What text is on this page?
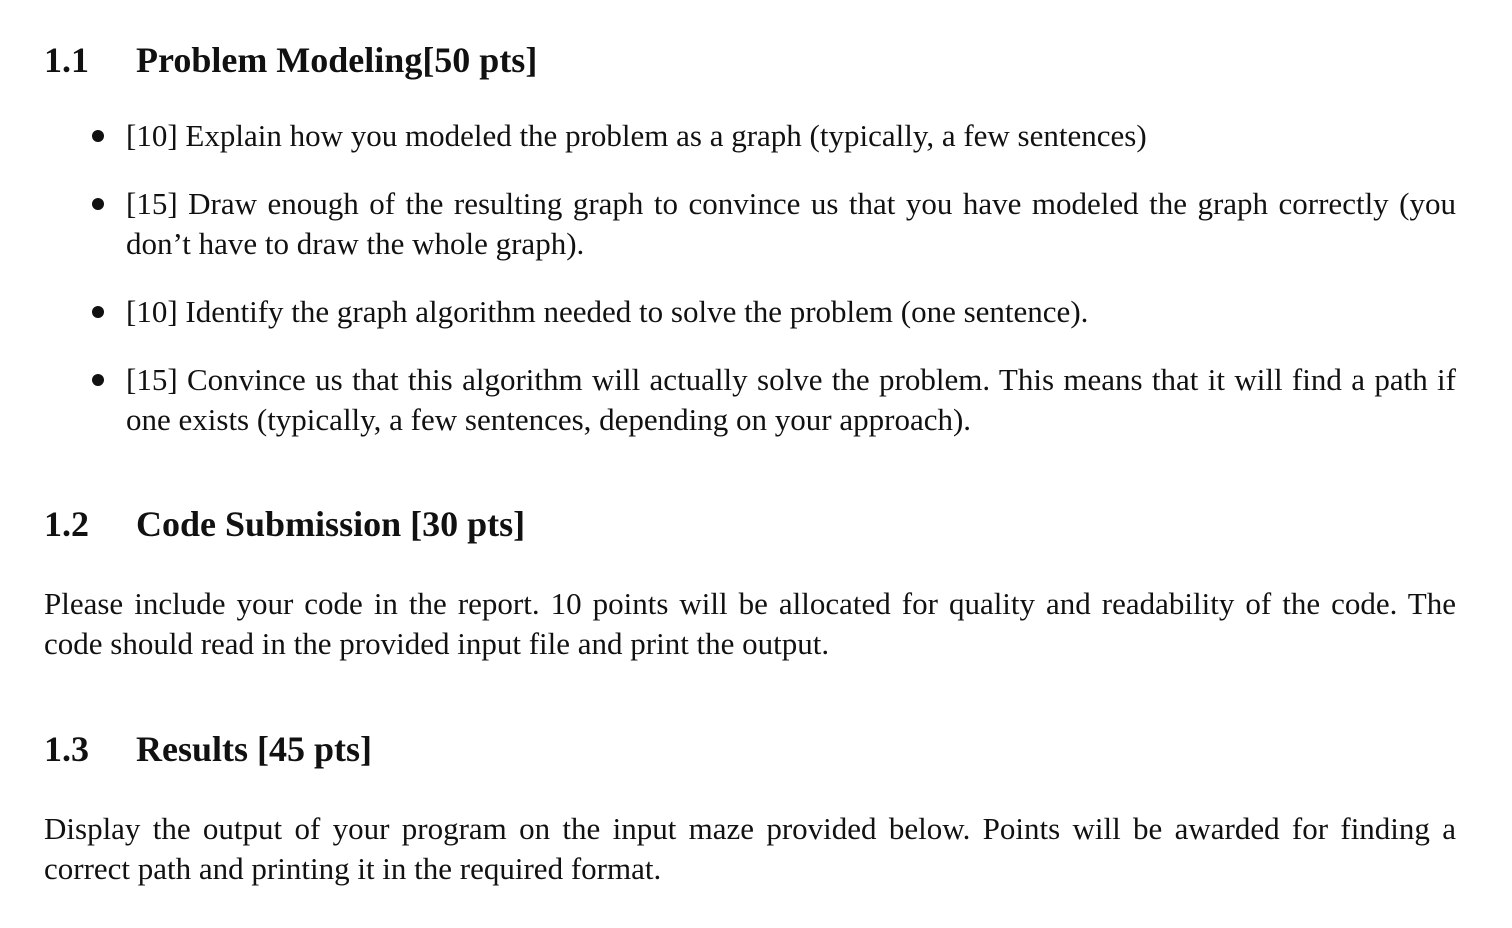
1.1 Problem Modeling[50 pts]
[10] Explain how you modeled the problem as a graph (typically, a few sentences)
[15] Draw enough of the resulting graph to convince us that you have modeled the graph correctly (you don’t have to draw the whole graph).
[10] Identify the graph algorithm needed to solve the problem (one sentence).
[15] Convince us that this algorithm will actually solve the problem. This means that it will find a path if one exists (typically, a few sentences, depending on your approach).
1.2 Code Submission [30 pts]
Please include your code in the report. 10 points will be allocated for quality and readability of the code. The code should read in the provided input file and print the output.
1.3 Results [45 pts]
Display the output of your program on the input maze provided below. Points will be awarded for finding a correct path and printing it in the required format.
